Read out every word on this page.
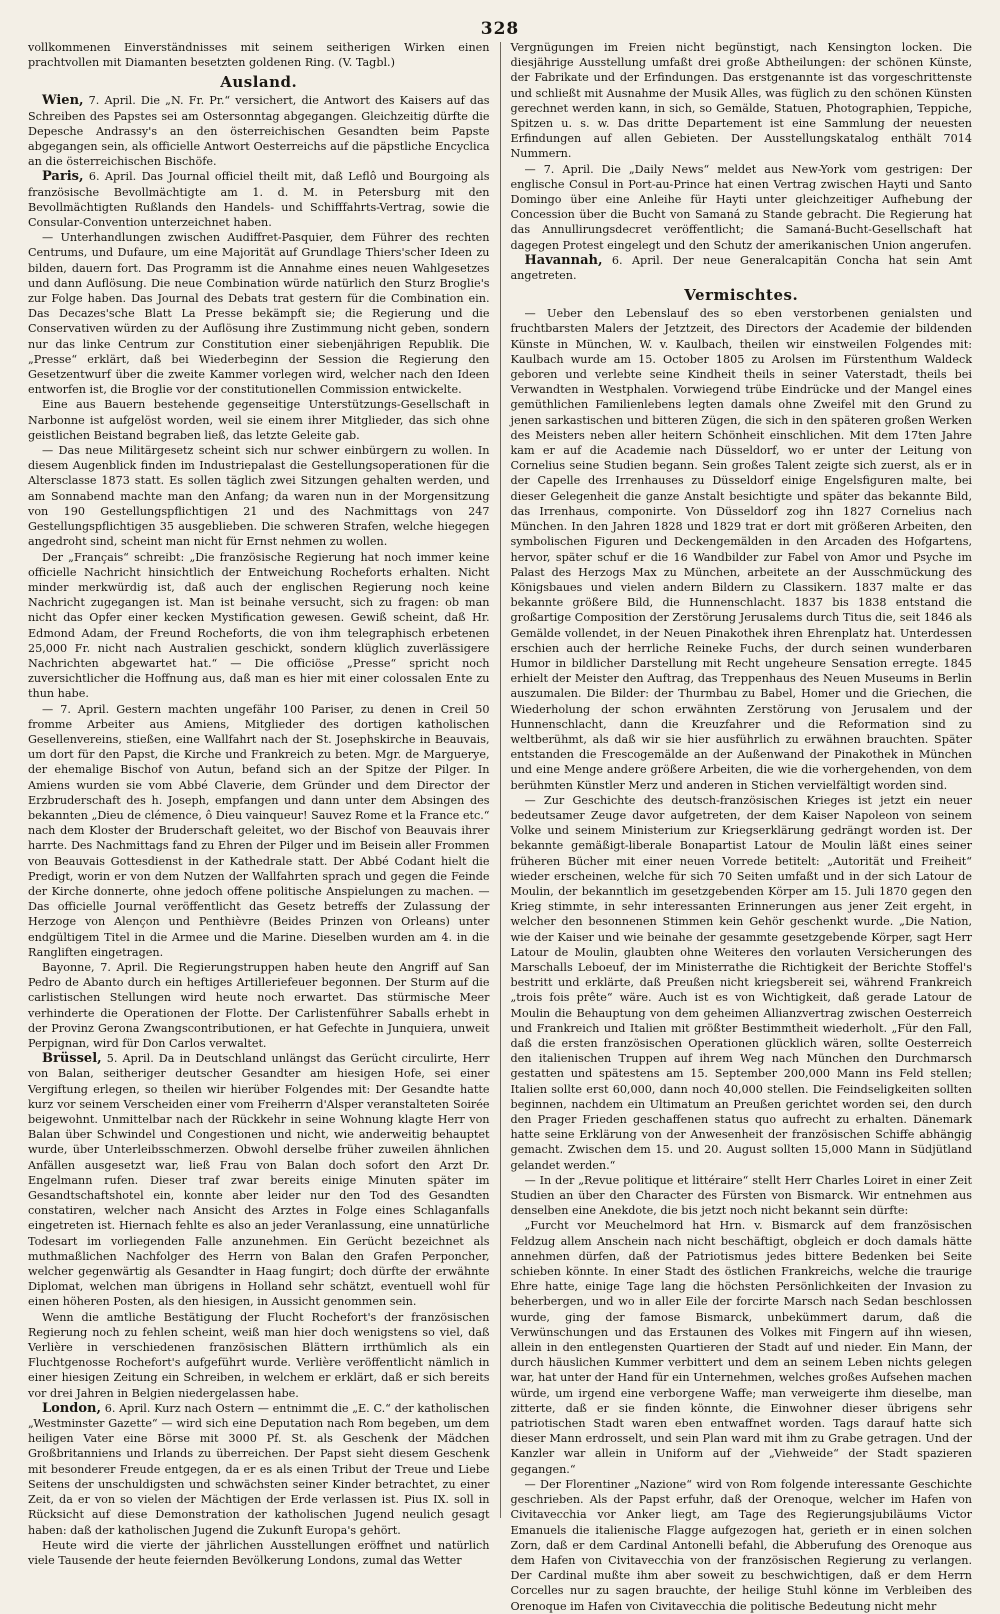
328

vollkommenen Einverständnisses mit seinem seitherigen Wirken einen prachtvollen mit Diamanten besetzten goldenen Ring. (V. Tagbl.)

Ausland.

Wien, 7. April. Die „N. Fr. Pr.“ versichert, die Antwort des Kaisers auf das Schreiben des Papstes sei am Ostersonntag abgegangen. Gleichzeitig dürfte die Depesche Andrassy's an den österreichischen Gesandten beim Papste abgegangen sein, als officielle Antwort Oesterreichs auf die päpstliche Encyclica an die österreichischen Bischöfe.

Paris, 6. April. Das Journal officiel theilt mit, daß Leflô und Bourgoing als französische Bevollmächtigte am 1. d. M. in Petersburg mit den Bevollmächtigten Rußlands den Handels- und Schifffahrts-Vertrag, sowie die Consular-Convention unterzeichnet haben.

— Unterhandlungen zwischen Audiffret-Pasquier, dem Führer des rechten Centrums, und Dufaure, um eine Majorität auf Grundlage Thiers'scher Ideen zu bilden, dauern fort. Das Programm ist die Annahme eines neuen Wahlgesetzes und dann Auflösung. Die neue Combination würde natürlich den Sturz Broglie's zur Folge haben. Das Journal des Debats trat gestern für die Combination ein. Das Decazes'sche Blatt La Presse bekämpft sie; die Regierung und die Conservativen würden zu der Auflösung ihre Zustimmung nicht geben, sondern nur das linke Centrum zur Constitution einer siebenjährigen Republik. Die „Presse“ erklärt, daß bei Wiederbeginn der Session die Regierung den Gesetzentwurf über die zweite Kammer vorlegen wird, welcher nach den Ideen entworfen ist, die Broglie vor der constitutionellen Commission entwickelte.

Eine aus Bauern bestehende gegenseitige Unterstützungs-Gesellschaft in Narbonne ist aufgelöst worden, weil sie einem ihrer Mitglieder, das sich ohne geistlichen Beistand begraben ließ, das letzte Geleite gab.

— Das neue Militärgesetz scheint sich nur schwer einbürgern zu wollen. In diesem Augenblick finden im Industriepalast die Gestellungsoperationen für die Altersclasse 1873 statt. Es sollen täglich zwei Sitzungen gehalten werden, und am Sonnabend machte man den Anfang; da waren nun in der Morgensitzung von 190 Gestellungspflichtigen 21 und des Nachmittags von 247 Gestellungspflichtigen 35 ausgeblieben. Die schweren Strafen, welche hiegegen angedroht sind, scheint man nicht für Ernst nehmen zu wollen.

Der „Français“ schreibt: „Die französische Regierung hat noch immer keine officielle Nachricht hinsichtlich der Entweichung Rocheforts erhalten. Nicht minder merkwürdig ist, daß auch der englischen Regierung noch keine Nachricht zugegangen ist. Man ist beinahe versucht, sich zu fragen: ob man nicht das Opfer einer kecken Mystification gewesen. Gewiß scheint, daß Hr. Edmond Adam, der Freund Rocheforts, die von ihm telegraphisch erbetenen 25,000 Fr. nicht nach Australien geschickt, sondern klüglich zuverlässigere Nachrichten abgewartet hat.“ — Die officiöse „Presse“ spricht noch zuversichtlicher die Hoffnung aus, daß man es hier mit einer colossalen Ente zu thun habe.

— 7. April. Gestern machten ungefähr 100 Pariser, zu denen in Creil 50 fromme Arbeiter aus Amiens, Mitglieder des dortigen katholischen Gesellenvereins, stießen, eine Wallfahrt nach der St. Josephskirche in Beauvais, um dort für den Papst, die Kirche und Frankreich zu beten. Mgr. de Marguerye, der ehemalige Bischof von Autun, befand sich an der Spitze der Pilger. In Amiens wurden sie vom Abbé Claverie, dem Gründer und dem Director der Erzbruderschaft des h. Joseph, empfangen und dann unter dem Absingen des bekannten „Dieu de clémence, ô Dieu vainqueur! Sauvez Rome et la France etc.“ nach dem Kloster der Bruderschaft geleitet, wo der Bischof von Beauvais ihrer harrte. Des Nachmittags fand zu Ehren der Pilger und im Beisein aller Frommen von Beauvais Gottesdienst in der Kathedrale statt. Der Abbé Codant hielt die Predigt, worin er von dem Nutzen der Wallfahrten sprach und gegen die Feinde der Kirche donnerte, ohne jedoch offene politische Anspielungen zu machen. — Das officielle Journal veröffentlicht das Gesetz betreffs der Zulassung der Herzoge von Alençon und Penthièvre (Beides Prinzen von Orleans) unter endgültigem Titel in die Armee und die Marine. Dieselben wurden am 4. in die Rangliften eingetragen.

Bayonne, 7. April. Die Regierungstruppen haben heute den Angriff auf San Pedro de Abanto durch ein heftiges Artilleriefeuer begonnen. Der Sturm auf die carlistischen Stellungen wird heute noch erwartet. Das stürmische Meer verhinderte die Operationen der Flotte. Der Carlistenführer Saballs erhebt in der Provinz Gerona Zwangscontributionen, er hat Gefechte in Junquiera, unweit Perpignan, wird für Don Carlos verwaltet.

Brüssel, 5. April. Da in Deutschland unlängst das Gerücht circulirte, Herr von Balan, seitheriger deutscher Gesandter am hiesigen Hofe, sei einer Vergiftung erlegen, so theilen wir hierüber Folgendes mit: Der Gesandte hatte kurz vor seinem Verscheiden einer vom Freiherrn d'Alsper veranstalteten Soirée beigewohnt. Unmittelbar nach der Rückkehr in seine Wohnung klagte Herr von Balan über Schwindel und Congestionen und nicht, wie anderweitig behauptet wurde, über Unterleibsschmerzen. Obwohl derselbe früher zuweilen ähnlichen Anfällen ausgesetzt war, ließ Frau von Balan doch sofort den Arzt Dr. Engelmann rufen. Dieser traf zwar bereits einige Minuten später im Gesandtschaftshotel ein, konnte aber leider nur den Tod des Gesandten constatiren, welcher nach Ansicht des Arztes in Folge eines Schlaganfalls eingetreten ist. Hiernach fehlte es also an jeder Veranlassung, eine unnatürliche Todesart im vorliegenden Falle anzunehmen. Ein Gerücht bezeichnet als muthmaßlichen Nachfolger des Herrn von Balan den Grafen Perponcher, welcher gegenwärtig als Gesandter in Haag fungirt; doch dürfte der erwähnte Diplomat, welchen man übrigens in Holland sehr schätzt, eventuell wohl für einen höheren Posten, als den hiesigen, in Aussicht genommen sein.

Wenn die amtliche Bestätigung der Flucht Rochefort's der französischen Regierung noch zu fehlen scheint, weiß man hier doch wenigstens so viel, daß Verlière in verschiedenen französischen Blättern irrthümlich als ein Fluchtgenosse Rochefort's aufgeführt wurde. Verlière veröffentlicht nämlich in einer hiesigen Zeitung ein Schreiben, in welchem er erklärt, daß er sich bereits vor drei Jahren in Belgien niedergelassen habe.

London, 6. April. Kurz nach Ostern — entnimmt die „E. C.“ der katholischen „Westminster Gazette“ — wird sich eine Deputation nach Rom begeben, um dem heiligen Vater eine Börse mit 3000 Pf. St. als Geschenk der Mädchen Großbritanniens und Irlands zu überreichen. Der Papst sieht diesem Geschenk mit besonderer Freude entgegen, da er es als einen Tribut der Treue und Liebe Seitens der unschuldigsten und schwächsten seiner Kinder betrachtet, zu einer Zeit, da er von so vielen der Mächtigen der Erde verlassen ist. Pius IX. soll in Rücksicht auf diese Demonstration der katholischen Jugend neulich gesagt haben: daß der katholischen Jugend die Zukunft Europa's gehört.

Heute wird die vierte der jährlichen Ausstellungen eröffnet und natürlich viele Tausende der heute feiernden Bevölkerung Londons, zumal das Wetter

Vergnügungen im Freien nicht begünstigt, nach Kensington locken. Die diesjährige Ausstellung umfaßt drei große Abtheilungen: der schönen Künste, der Fabrikate und der Erfindungen. Das erstgenannte ist das vorgeschrittenste und schließt mit Ausnahme der Musik Alles, was füglich zu den schönen Künsten gerechnet werden kann, in sich, so Gemälde, Statuen, Photographien, Teppiche, Spitzen u. s. w. Das dritte Departement ist eine Sammlung der neuesten Erfindungen auf allen Gebieten. Der Ausstellungskatalog enthält 7014 Nummern.

— 7. April. Die „Daily News“ meldet aus New-York vom gestrigen: Der englische Consul in Port-au-Prince hat einen Vertrag zwischen Hayti und Santo Domingo über eine Anleihe für Hayti unter gleichzeitiger Aufhebung der Concession über die Bucht von Samaná zu Stande gebracht. Die Regierung hat das Annullirungsdecret veröffentlicht; die Samaná-Bucht-Gesellschaft hat dagegen Protest eingelegt und den Schutz der amerikanischen Union angerufen.

Havannah, 6. April. Der neue Generalcapitän Concha hat sein Amt angetreten.

Vermischtes.

— Ueber den Lebenslauf des so eben verstorbenen genialsten und fruchtbarsten Malers der Jetztzeit, des Directors der Academie der bildenden Künste in München, W. v. Kaulbach, theilen wir einstweilen Folgendes mit: Kaulbach wurde am 15. October 1805 zu Arolsen im Fürstenthum Waldeck geboren und verlebte seine Kindheit theils in seiner Vaterstadt, theils bei Verwandten in Westphalen. Vorwiegend trübe Eindrücke und der Mangel eines gemüthlichen Familienlebens legten damals ohne Zweifel mit den Grund zu jenen sarkastischen und bitteren Zügen, die sich in den späteren großen Werken des Meisters neben aller heitern Schönheit einschlichen. Mit dem 17ten Jahre kam er auf die Academie nach Düsseldorf, wo er unter der Leitung von Cornelius seine Studien begann. Sein großes Talent zeigte sich zuerst, als er in der Capelle des Irrenhauses zu Düsseldorf einige Engelsfiguren malte, bei dieser Gelegenheit die ganze Anstalt besichtigte und später das bekannte Bild, das Irrenhaus, componirte. Von Düsseldorf zog ihn 1827 Cornelius nach München. In den Jahren 1828 und 1829 trat er dort mit größeren Arbeiten, den symbolischen Figuren und Deckengemälden in den Arcaden des Hofgartens, hervor, später schuf er die 16 Wandbilder zur Fabel von Amor und Psyche im Palast des Herzogs Max zu München, arbeitete an der Ausschmückung des Königsbaues und vielen andern Bildern zu Classikern. 1837 malte er das bekannte größere Bild, die Hunnenschlacht. 1837 bis 1838 entstand die großartige Composition der Zerstörung Jerusalems durch Titus die, seit 1846 als Gemälde vollendet, in der Neuen Pinakothek ihren Ehrenplatz hat. Unterdessen erschien auch der herrliche Reineke Fuchs, der durch seinen wunderbaren Humor in bildlicher Darstellung mit Recht ungeheure Sensation erregte. 1845 erhielt der Meister den Auftrag, das Treppenhaus des Neuen Museums in Berlin auszumalen. Die Bilder: der Thurmbau zu Babel, Homer und die Griechen, die Wiederholung der schon erwähnten Zerstörung von Jerusalem und der Hunnenschlacht, dann die Kreuzfahrer und die Reformation sind zu weltberühmt, als daß wir sie hier ausführlich zu erwähnen brauchten. Später entstanden die Frescogemälde an der Außenwand der Pinakothek in München und eine Menge andere größere Arbeiten, die wie die vorhergehenden, von dem berühmten Künstler Merz und anderen in Stichen vervielfältigt worden sind.

— Zur Geschichte des deutsch-französischen Krieges ist jetzt ein neuer bedeutsamer Zeuge davor aufgetreten, der dem Kaiser Napoleon von seinem Volke und seinem Ministerium zur Kriegserklärung gedrängt worden ist. Der bekannte gemäßigt-liberale Bonapartist Latour de Moulin läßt eines seiner früheren Bücher mit einer neuen Vorrede betitelt: „Autorität und Freiheit“ wieder erscheinen, welche für sich 70 Seiten umfaßt und in der sich Latour de Moulin, der bekanntlich im gesetzgebenden Körper am 15. Juli 1870 gegen den Krieg stimmte, in sehr interessanten Erinnerungen aus jener Zeit ergeht, in welcher den besonnenen Stimmen kein Gehör geschenkt wurde. „Die Nation, wie der Kaiser und wie beinahe der gesammte gesetzgebende Körper, sagt Herr Latour de Moulin, glaubten ohne Weiteres den vorlauten Versicherungen des Marschalls Leboeuf, der im Ministerrathe die Richtigkeit der Berichte Stoffel's bestritt und erklärte, daß Preußen nicht kriegsbereit sei, während Frankreich „trois fois prête“ wäre. Auch ist es von Wichtigkeit, daß gerade Latour de Moulin die Behauptung von dem geheimen Allianzvertrag zwischen Oesterreich und Frankreich und Italien mit größter Bestimmtheit wiederholt. „Für den Fall, daß die ersten französischen Operationen glücklich wären, sollte Oesterreich den italienischen Truppen auf ihrem Weg nach München den Durchmarsch gestatten und spätestens am 15. September 200,000 Mann ins Feld stellen; Italien sollte erst 60,000, dann noch 40,000 stellen. Die Feindseligkeiten sollten beginnen, nachdem ein Ultimatum an Preußen gerichtet worden sei, den durch den Prager Frieden geschaffenen status quo aufrecht zu erhalten. Dänemark hatte seine Erklärung von der Anwesenheit der französischen Schiffe abhängig gemacht. Zwischen dem 15. und 20. August sollten 15,000 Mann in Südjütland gelandet werden.“

— In der „Revue politique et littéraire“ stellt Herr Charles Loiret in einer Zeit Studien an über den Character des Fürsten von Bismarck. Wir entnehmen aus denselben eine Anekdote, die bis jetzt noch nicht bekannt sein dürfte:

„Furcht vor Meuchelmord hat Hrn. v. Bismarck auf dem französischen Feldzug allem Anschein nach nicht beschäftigt, obgleich er doch damals hätte annehmen dürfen, daß der Patriotismus jedes bittere Bedenken bei Seite schieben könnte. In einer Stadt des östlichen Frankreichs, welche die traurige Ehre hatte, einige Tage lang die höchsten Persönlichkeiten der Invasion zu beherbergen, und wo in aller Eile der forcirte Marsch nach Sedan beschlossen wurde, ging der famose Bismarck, unbekümmert darum, daß die Verwünschungen und das Erstaunen des Volkes mit Fingern auf ihn wiesen, allein in den entlegensten Quartieren der Stadt auf und nieder. Ein Mann, der durch häuslichen Kummer verbittert und dem an seinem Leben nichts gelegen war, hat unter der Hand für ein Unternehmen, welches großes Aufsehen machen würde, um irgend eine verborgene Waffe; man verweigerte ihm dieselbe, man zitterte, daß er sie finden könnte, die Einwohner dieser übrigens sehr patriotischen Stadt waren eben entwaffnet worden. Tags darauf hatte sich dieser Mann erdrosselt, und sein Plan ward mit ihm zu Grabe getragen. Und der Kanzler war allein in Uniform auf der „Viehweide“ der Stadt spazieren gegangen.“

— Der Florentiner „Nazione“ wird von Rom folgende interessante Geschichte geschrieben. Als der Papst erfuhr, daß der Orenoque, welcher im Hafen von Civitavecchia vor Anker liegt, am Tage des Regierungsjubiläums Victor Emanuels die italienische Flagge aufgezogen hat, gerieth er in einen solchen Zorn, daß er dem Cardinal Antonelli befahl, die Abberufung des Orenoque aus dem Hafen von Civitavecchia von der französischen Regierung zu verlangen. Der Cardinal mußte ihm aber soweit zu beschwichtigen, daß er dem Herrn Corcelles nur zu sagen brauchte, der heilige Stuhl könne im Verbleiben des Orenoque im Hafen von Civitavecchia die politische Bedeutung nicht mehr
